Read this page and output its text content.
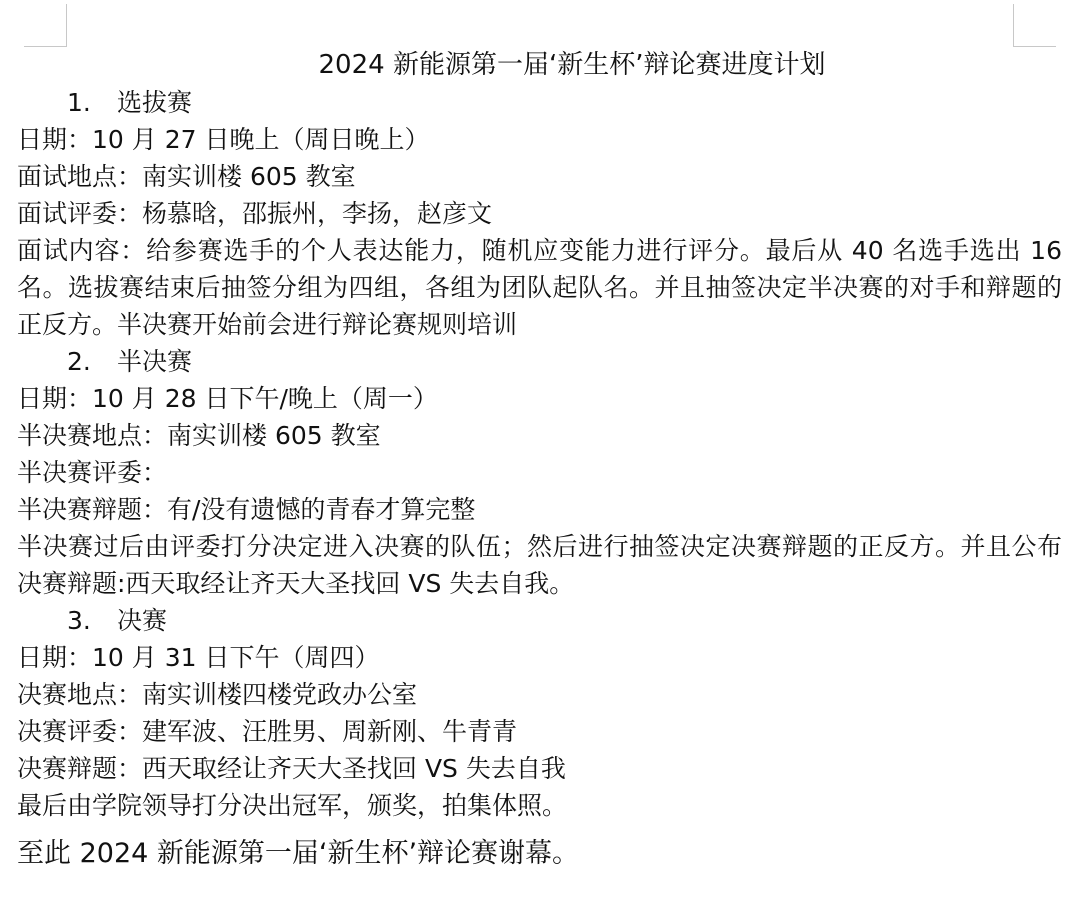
2024 新能源第一届‘新生杯’辩论赛进度计划
1. 选拔赛
日期：10 月 27 日晚上（周日晚上）
面试地点：南实训楼 605 教室
面试评委：杨慕晗，邵振州，李扬，赵彦文
面试内容：给参赛选手的个人表达能力，随机应变能力进行评分。最后从 40 名选手选出 16 名。选拔赛结束后抽签分组为四组，各组为团队起队名。并且抽签决定半决赛的对手和辩题的正反方。半决赛开始前会进行辩论赛规则培训
2. 半决赛
日期：10 月 28 日下午/晚上（周一）
半决赛地点：南实训楼 605 教室
半决赛评委：
半决赛辩题：有/没有遗憾的青春才算完整
半决赛过后由评委打分决定进入决赛的队伍；然后进行抽签决定决赛辩题的正反方。并且公布决赛辩题:西天取经让齐天大圣找回 VS 失去自我。
3. 决赛
日期：10 月 31 日下午（周四）
决赛地点：南实训楼四楼党政办公室
决赛评委：建军波、汪胜男、周新刚、牛青青
决赛辩题：西天取经让齐天大圣找回 VS 失去自我
最后由学院领导打分决出冠军，颁奖，拍集体照。
至此 2024 新能源第一届‘新生杯’辩论赛谢幕。
